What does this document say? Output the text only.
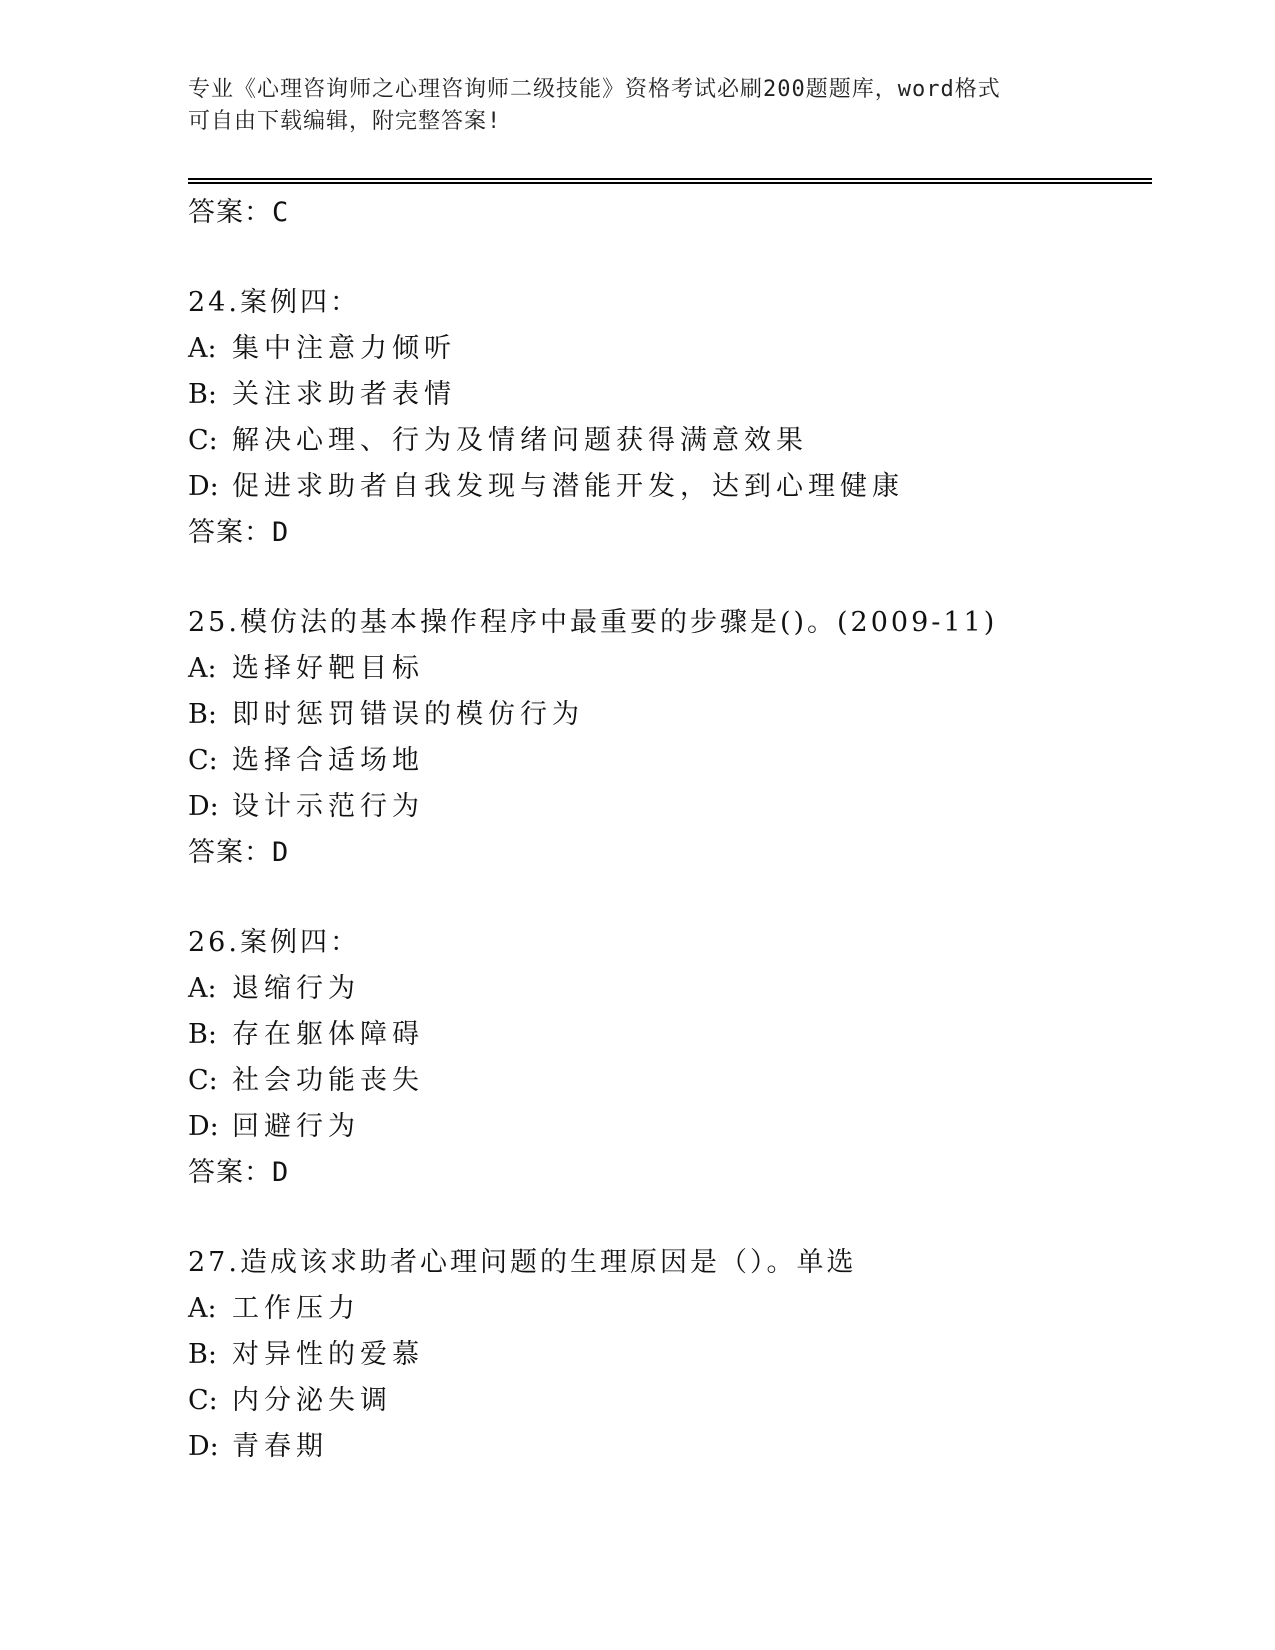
专业《心理咨询师之心理咨询师二级技能》资格考试必刷200题题库，word格式
可自由下载编辑，附完整答案!
答案：C
24.案例四：
A: 集中注意力倾听
B: 关注求助者表情
C: 解决心理、行为及情绪问题获得满意效果
D: 促进求助者自我发现与潜能开发，达到心理健康
答案：D
25.模仿法的基本操作程序中最重要的步骤是()。(2009-11)
A: 选择好靶目标
B: 即时惩罚错误的模仿行为
C: 选择合适场地
D: 设计示范行为
答案：D
26.案例四：
A: 退缩行为
B: 存在躯体障碍
C: 社会功能丧失
D: 回避行为
答案：D
27.造成该求助者心理问题的生理原因是（）。单选
A: 工作压力
B: 对异性的爱慕
C: 内分泌失调
D: 青春期
